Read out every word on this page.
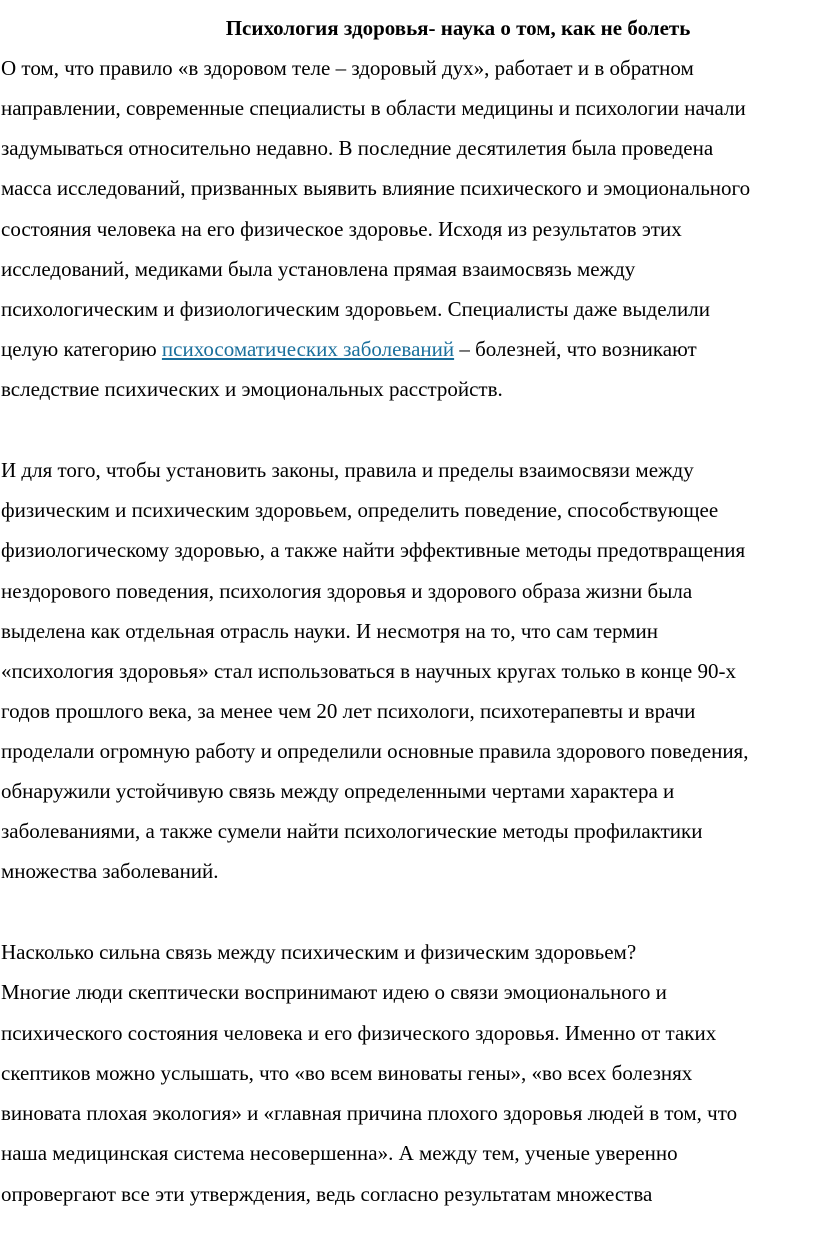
Психология здоровья- наука о том, как не болеть
О том, что правило «в здоровом теле – здоровый дух», работает и в обратном
направлении, современные специалисты в области медицины и психологии начали
задумываться относительно недавно. В последние десятилетия была проведена
масса исследований, призванных выявить влияние психического и эмоционального
состояния человека на его физическое здоровье. Исходя из результатов этих
исследований, медиками была установлена прямая взаимосвязь между
психологическим и физиологическим здоровьем. Специалисты даже выделили
целую категорию психосоматических заболеваний – болезней, что возникают
вследствие психических и эмоциональных расстройств.
И для того, чтобы установить законы, правила и пределы взаимосвязи между
физическим и психическим здоровьем, определить поведение, способствующее
физиологическому здоровью, а также найти эффективные методы предотвращения
нездорового поведения, психология здоровья и здорового образа жизни была
выделена как отдельная отрасль науки. И несмотря на то, что сам термин
«психология здоровья» стал использоваться в научных кругах только в конце 90-х
годов прошлого века, за менее чем 20 лет психологи, психотерапевты и врачи
проделали огромную работу и определили основные правила здорового поведения,
обнаружили устойчивую связь между определенными чертами характера и
заболеваниями, а также сумели найти психологические методы профилактики
множества заболеваний.
Насколько сильна связь между психическим и физическим здоровьем?
Многие люди скептически воспринимают идею о связи эмоционального и
психического состояния человека и его физического здоровья. Именно от таких
скептиков можно услышать, что «во всем виноваты гены», «во всех болезнях
виновата плохая экология» и «главная причина плохого здоровья людей в том, что
наша медицинская система несовершенна». А между тем, ученые уверенно
опровергают все эти утверждения, ведь согласно результатам множества
